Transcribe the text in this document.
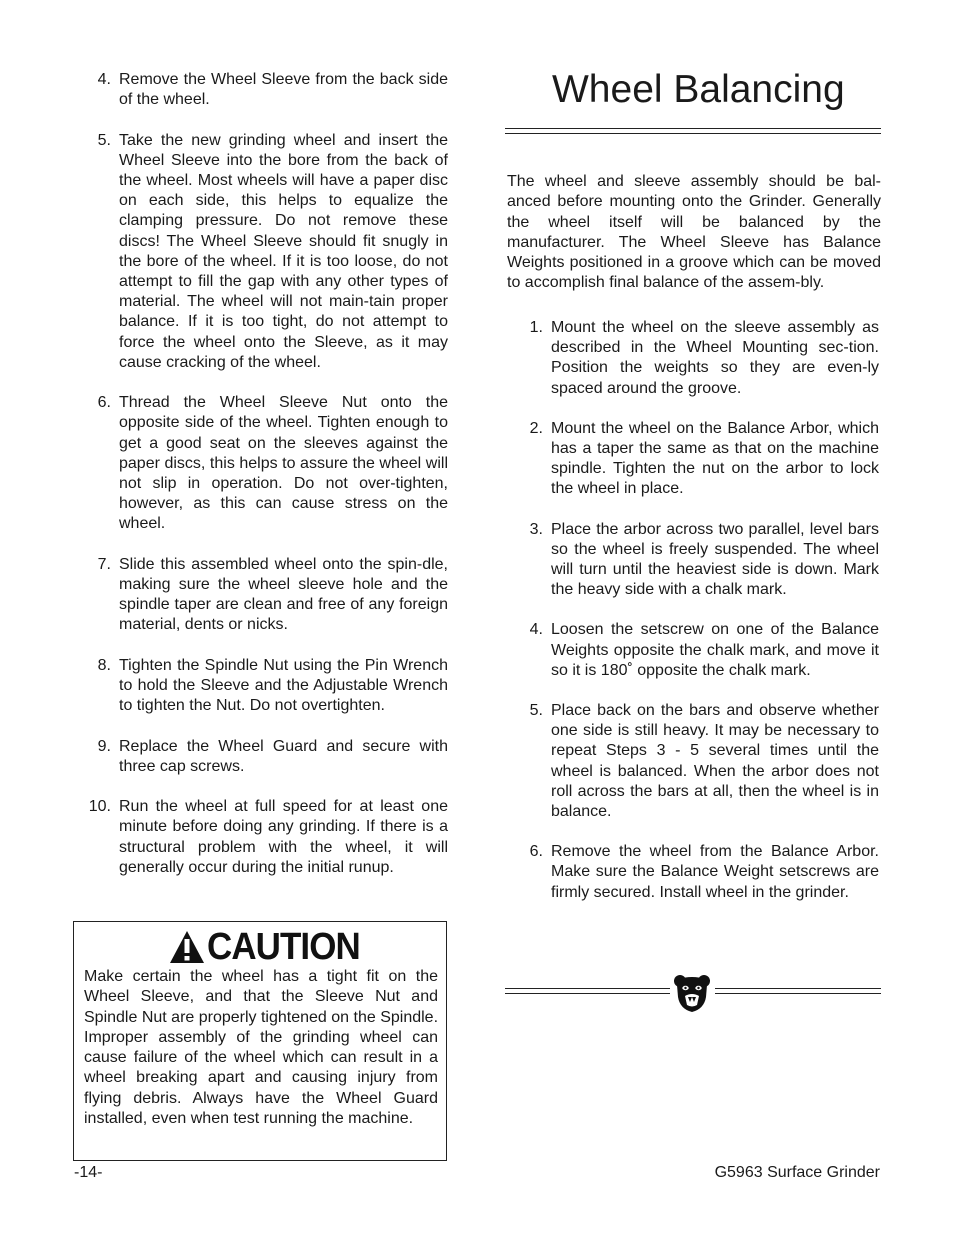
4. Remove the Wheel Sleeve from the back side of the wheel.
5. Take the new grinding wheel and insert the Wheel Sleeve into the bore from the back of the wheel. Most wheels will have a paper disc on each side, this helps to equalize the clamping pressure. Do not remove these discs! The Wheel Sleeve should fit snugly in the bore of the wheel. If it is too loose, do not attempt to fill the gap with any other types of material. The wheel will not main-tain proper balance. If it is too tight, do not attempt to force the wheel onto the Sleeve, as it may cause cracking of the wheel.
6. Thread the Wheel Sleeve Nut onto the opposite side of the wheel. Tighten enough to get a good seat on the sleeves against the paper discs, this helps to assure the wheel will not slip in operation. Do not over-tighten, however, as this can cause stress on the wheel.
7. Slide this assembled wheel onto the spin-dle, making sure the wheel sleeve hole and the spindle taper are clean and free of any foreign material, dents or nicks.
8. Tighten the Spindle Nut using the Pin Wrench to hold the Sleeve and the Adjustable Wrench to tighten the Nut. Do not overtighten.
9. Replace the Wheel Guard and secure with three cap screws.
10. Run the wheel at full speed for at least one minute before doing any grinding. If there is a structural problem with the wheel, it will generally occur during the initial runup.
CAUTION
Make certain the wheel has a tight fit on the Wheel Sleeve, and that the Sleeve Nut and Spindle Nut are properly tightened on the Spindle. Improper assembly of the grinding wheel can cause failure of the wheel which can result in a wheel breaking apart and causing injury from flying debris. Always have the Wheel Guard installed, even when test running the machine.
Wheel Balancing

The wheel and sleeve assembly should be bal-anced before mounting onto the Grinder. Generally the wheel itself will be balanced by the manufacturer. The Wheel Sleeve has Balance Weights positioned in a groove which can be moved to accomplish final balance of the assem-bly.

1. Mount the wheel on the sleeve assembly as described in the Wheel Mounting sec-tion. Position the weights so they are even-ly spaced around the groove.
2. Mount the wheel on the Balance Arbor, which has a taper the same as that on the machine spindle. Tighten the nut on the arbor to lock the wheel in place.
3. Place the arbor across two parallel, level bars so the wheel is freely suspended. The wheel will turn until the heaviest side is down. Mark the heavy side with a chalk mark.
4. Loosen the setscrew on one of the Balance Weights opposite the chalk mark, and move it so it is 180˚ opposite the chalk mark.
5. Place back on the bars and observe whether one side is still heavy. It may be necessary to repeat Steps 3 - 5 several times until the wheel is balanced. When the arbor does not roll across the bars at all, then the wheel is in balance.
6. Remove the wheel from the Balance Arbor. Make sure the Balance Weight setscrews are firmly secured. Install wheel in the grinder.
-14-	G5963 Surface Grinder
